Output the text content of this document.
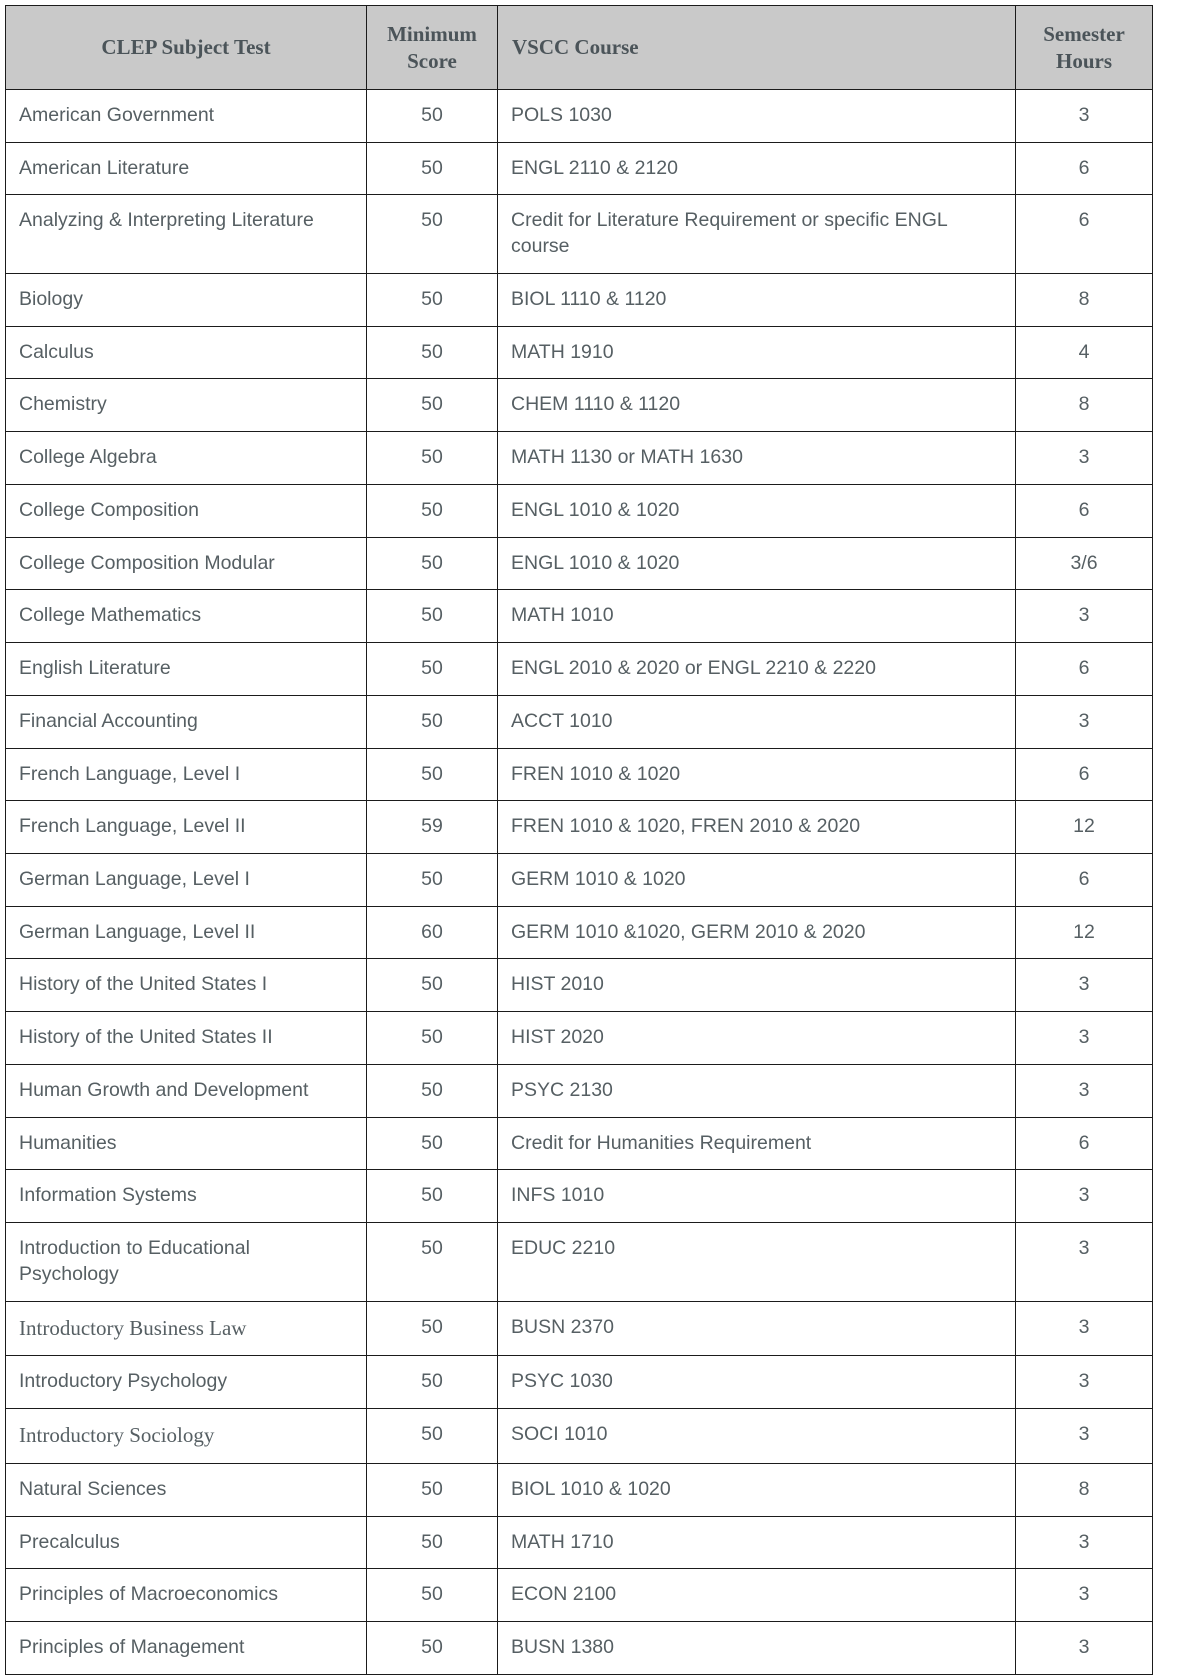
CLEP Subject Test	Minimum Score	VSCC Course	Semester Hours
American Government	50	POLS 1030	3
American Literature	50	ENGL 2110 & 2120	6
Analyzing & Interpreting Literature	50	Credit for Literature Requirement or specific ENGL course	6
Biology	50	BIOL 1110 & 1120	8
Calculus	50	MATH 1910	4
Chemistry	50	CHEM 1110 & 1120	8
College Algebra	50	MATH 1130 or MATH 1630	3
College Composition	50	ENGL 1010 & 1020	6
College Composition Modular	50	ENGL 1010 & 1020	3/6
College Mathematics	50	MATH 1010	3
English Literature	50	ENGL 2010 & 2020 or ENGL 2210 & 2220	6
Financial Accounting	50	ACCT 1010	3
French Language, Level I	50	FREN 1010 & 1020	6
French Language, Level II	59	FREN 1010 & 1020, FREN 2010 & 2020	12
German Language, Level I	50	GERM 1010 & 1020	6
German Language, Level II	60	GERM 1010 &1020, GERM 2010 & 2020	12
History of the United States I	50	HIST 2010	3
History of the United States II	50	HIST 2020	3
Human Growth and Development	50	PSYC 2130	3
Humanities	50	Credit for Humanities Requirement	6
Information Systems	50	INFS 1010	3
Introduction to Educational Psychology	50	EDUC 2210	3
Introductory Business Law	50	BUSN 2370	3
Introductory Psychology	50	PSYC 1030	3
Introductory Sociology	50	SOCI 1010	3
Natural Sciences	50	BIOL 1010 & 1020	8
Precalculus	50	MATH 1710	3
Principles of Macroeconomics	50	ECON 2100	3
Principles of Management	50	BUSN 1380	3
